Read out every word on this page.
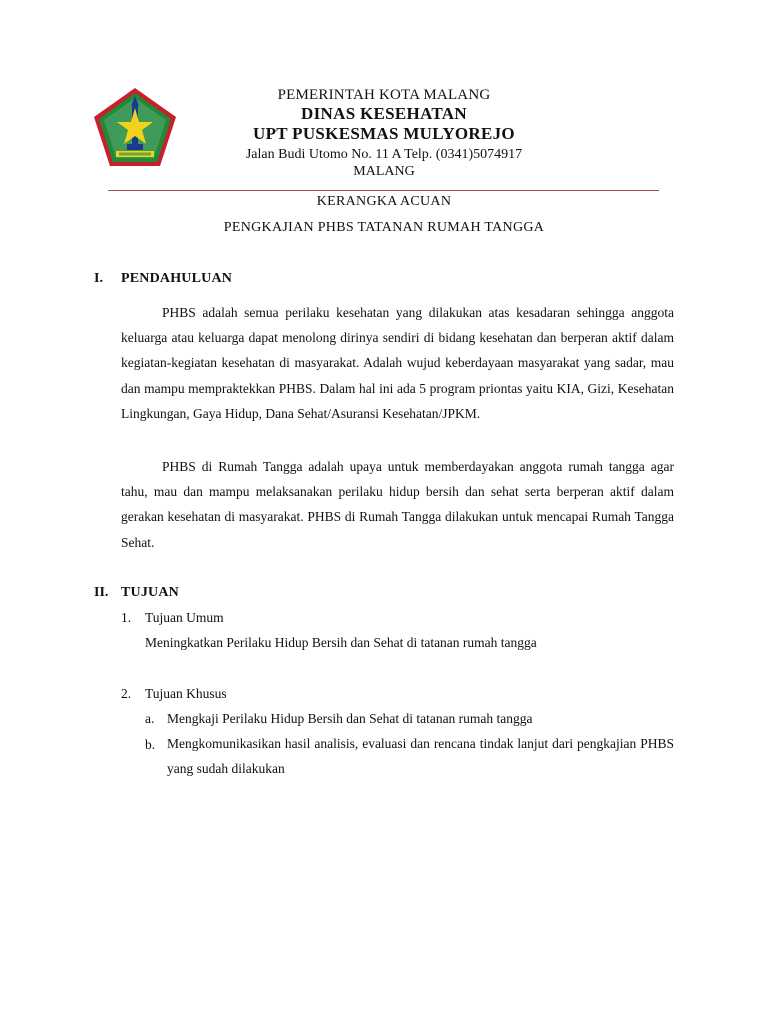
PEMERINTAH KOTA MALANG
DINAS KESEHATAN
UPT PUSKESMAS MULYOREJO
Jalan Budi Utomo No. 11 A Telp. (0341)5074917
MALANG
KERANGKA ACUAN
PENGKAJIAN PHBS TATANAN RUMAH TANGGA
I. PENDAHULUAN

PHBS adalah semua perilaku kesehatan yang dilakukan atas kesadaran sehingga anggota keluarga atau keluarga dapat menolong dirinya sendiri di bidang kesehatan dan berperan aktif dalam kegiatan-kegiatan kesehatan di masyarakat. Adalah wujud keberdayaan masyarakat yang sadar, mau dan mampu mempraktekkan PHBS. Dalam hal ini ada 5 program priontas yaitu KIA, Gizi, Kesehatan Lingkungan, Gaya Hidup, Dana Sehat/Asuransi Kesehatan/JPKM.

PHBS di Rumah Tangga adalah upaya untuk memberdayakan anggota rumah tangga agar tahu, mau dan mampu melaksanakan perilaku hidup bersih dan sehat serta berperan aktif dalam gerakan kesehatan di masyarakat. PHBS di Rumah Tangga dilakukan untuk mencapai Rumah Tangga Sehat.

II. TUJUAN
1. Tujuan Umum
Meningkatkan Perilaku Hidup Bersih dan Sehat di tatanan rumah tangga
2. Tujuan Khusus
a. Mengkaji Perilaku Hidup Bersih dan Sehat di tatanan rumah tangga

b. Mengkomunikasikan hasil analisis, evaluasi dan rencana tindak lanjut dari pengkajian PHBS yang sudah dilakukan
